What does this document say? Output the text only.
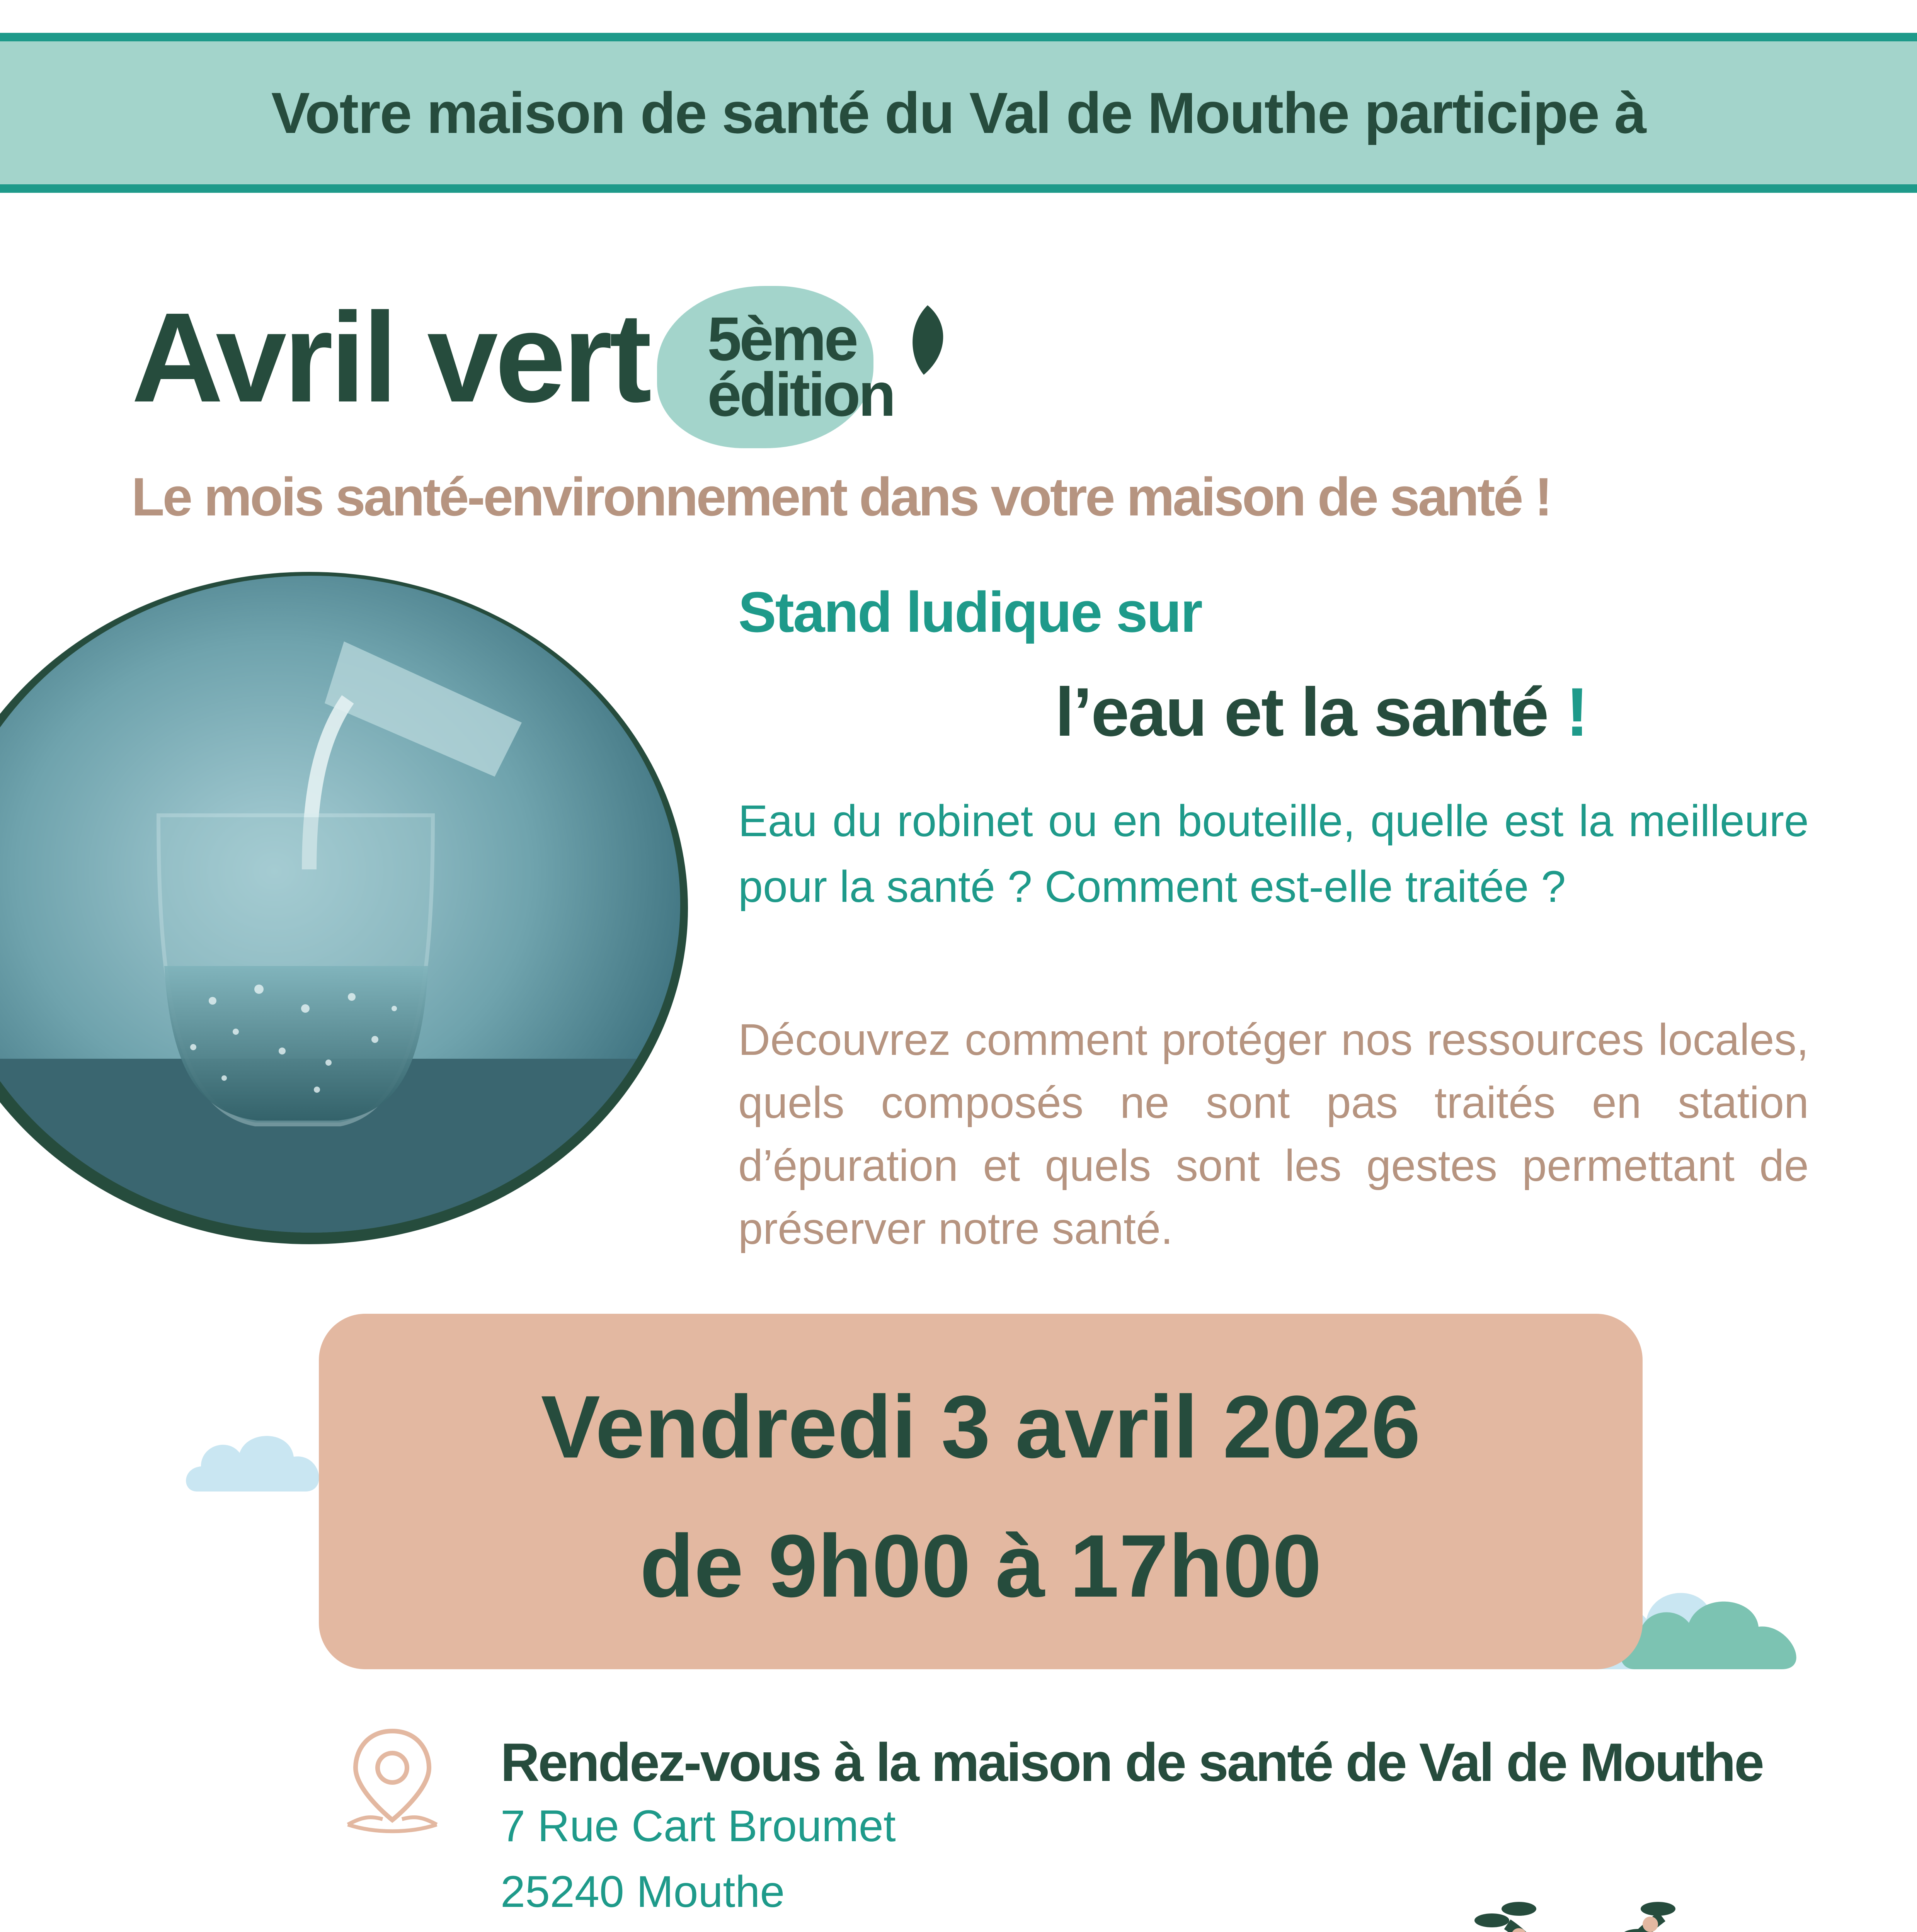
Votre maison de santé du Val de Mouthe participe à
Avril vert 5ème
édition
Le mois santé-environnement dans votre maison de santé !
Stand ludique sur
l’eau et la santé !
Eau du robinet ou en bouteille, quelle est la meilleure pour la santé ? Comment est-elle traitée ?
Découvrez comment protéger nos ressources locales, quels composés ne sont pas traités en station d’épuration et quels sont les gestes permettant de préserver notre santé.
Vendredi 3 avril 2026
de 9h00 à 17h00
Rendez-vous à la maison de santé de Val de Mouthe
7 Rue Cart Broumet
25240 Mouthe
